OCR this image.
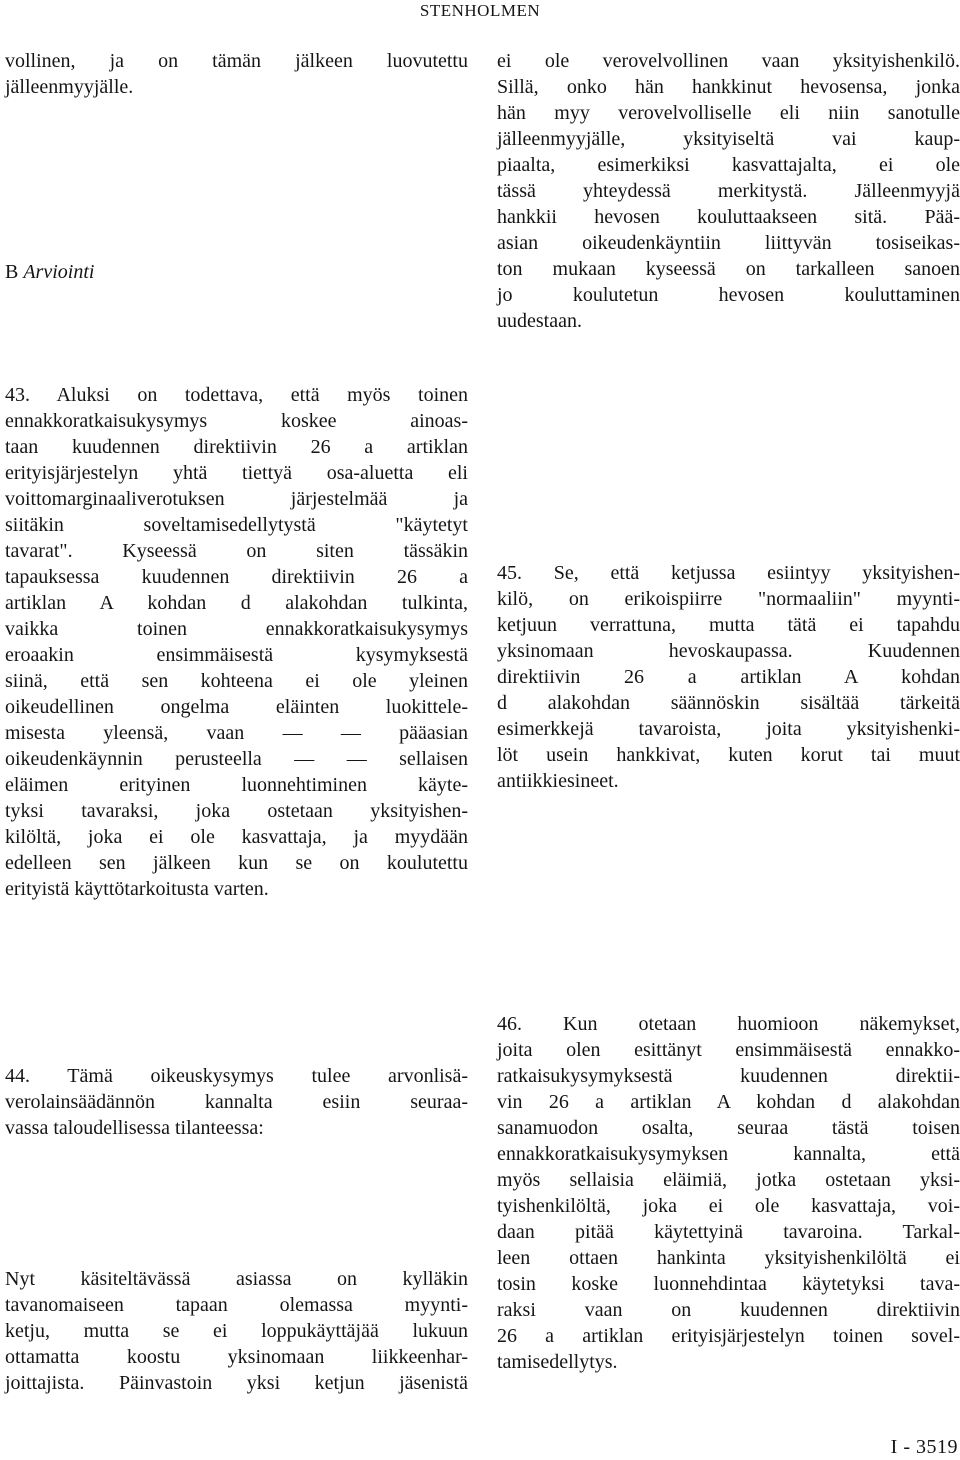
STENHOLMEN
vollinen, ja on tämän jälkeen luovutettu
jälleenmyyjälle.
B Arviointi
43. Aluksi on todettava, että myös toinen
ennakkoratkaisukysymys koskee ainoas-
taan kuudennen direktiivin 26 a artiklan
erityisjärjestelyn yhtä tiettyä osa-aluetta eli
voittomarginaaliverotuksen järjestelmää ja
siitäkin soveltamisedellytystä "käytetyt
tavarat". Kyseessä on siten tässäkin
tapauksessa kuudennen direktiivin 26 a
artiklan A kohdan d alakohdan tulkinta,
vaikka toinen ennakkoratkaisukysymys
eroaakin ensimmäisestä kysymyksestä
siinä, että sen kohteena ei ole yleinen
oikeudellinen ongelma eläinten luokittele-
misesta yleensä, vaan — — pääasian
oikeudenkäynnin perusteella — — sellaisen
eläimen erityinen luonnehtiminen käyte-
tyksi tavaraksi, joka ostetaan yksityishen-
kilöltä, joka ei ole kasvattaja, ja myydään
edelleen sen jälkeen kun se on koulutettu
erityistä käyttötarkoitusta varten.
44. Tämä oikeuskysymys tulee arvonlisä-
verolainsäädännön kannalta esiin seuraa-
vassa taloudellisessa tilanteessa:
Nyt käsiteltävässä asiassa on kylläkin
tavanomaiseen tapaan olemassa myynti-
ketju, mutta se ei loppukäyttäjää lukuun
ottamatta koostu yksinomaan liikkeenhar-
joittajista. Päinvastoin yksi ketjun jäsenistä
ei ole verovelvollinen vaan yksityishenkilö.
Sillä, onko hän hankkinut hevosensa, jonka
hän myy verovelvolliselle eli niin sanotulle
jälleenmyyjälle, yksityiseltä vai kaup-
piaalta, esimerkiksi kasvattajalta, ei ole
tässä yhteydessä merkitystä. Jälleenmyyjä
hankkii hevosen kouluttaakseen sitä. Pää-
asian oikeudenkäyntiin liittyvän tosiseikas-
ton mukaan kyseessä on tarkalleen sanoen
jo koulutetun hevosen kouluttaminen
uudestaan.
45. Se, että ketjussa esiintyy yksityishen-
kilö, on erikoispiirre "normaaliin" myynti-
ketjuun verrattuna, mutta tätä ei tapahdu
yksinomaan hevoskaupassa. Kuudennen
direktiivin 26 a artiklan A kohdan
d alakohdan säännöskin sisältää tärkeitä
esimerkkejä tavaroista, joita yksityishenki-
löt usein hankkivat, kuten korut tai muut
antiikkiesineet.
46. Kun otetaan huomioon näkemykset,
joita olen esittänyt ensimmäisestä ennakko-
ratkaisukysymyksestä kuudennen direktii-
vin 26 a artiklan A kohdan d alakohdan
sanamuodon osalta, seuraa tästä toisen
ennakkoratkaisukysymyksen kannalta, että
myös sellaisia eläimiä, jotka ostetaan yksi-
tyishenkilöltä, joka ei ole kasvattaja, voi-
daan pitää käytettyinä tavaroina. Tarkal-
leen ottaen hankinta yksityishenkilöltä ei
tosin koske luonnehdintaa käytetyksi tava-
raksi vaan on kuudennen direktiivin
26 a artiklan erityisjärjestelyn toinen sovel-
tamisedellytys.
I - 3519
